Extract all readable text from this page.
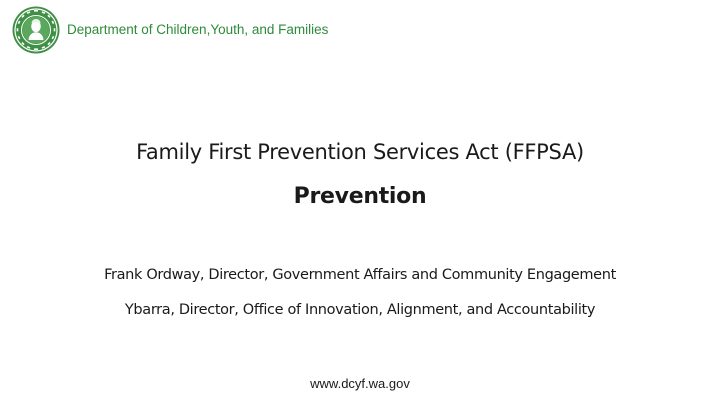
Department of Children,Youth, and Families
Family First Prevention Services Act (FFPSA)
Prevention
Frank Ordway, Director, Government Affairs and Community Engagement
Ybarra, Director, Office of Innovation, Alignment, and Accountability
www.dcyf.wa.gov
